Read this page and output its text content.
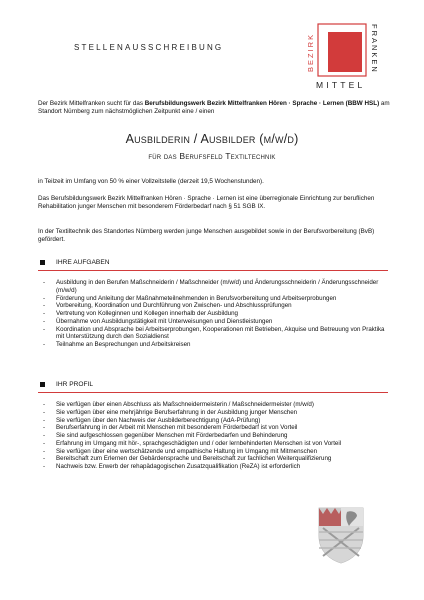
STELLENAUSSCHREIBUNG	BEZIRK	FRANKEN
MITTEL
Der Bezirk Mittelfranken sucht für das Berufsbildungswerk Bezirk Mittelfranken Hören · Sprache · Lernen (BBW HSL) am Standort Nürnberg zum nächstmöglichen Zeitpunkt eine / einen
Ausbilderin / Ausbilder (m/w/d)
für das Berufsfeld Textiltechnik
in Teilzeit im Umfang von 50 % einer Vollzeitstelle (derzeit 19,5 Wochenstunden).
Das Berufsbildungswerk Bezirk Mittelfranken Hören · Sprache · Lernen ist eine überregionale Einrichtung zur beruflichen Rehabilitation junger Menschen mit besonderem Förderbedarf nach § 51 SGB IX.
In der Textiltechnik des Standortes Nürnberg werden junge Menschen ausgebildet sowie in der Berufsvorbereitung (BvB) gefördert.
IHRE AUFGABEN
- Ausbildung in den Berufen Maßschneiderin / Maßschneider (m/w/d) und Änderungsschneiderin / Änderungsschneider (m/w/d)
- Förderung und Anleitung der Maßnahmeteilnehmenden in Berufsvorbereitung und Arbeitserprobungen
- Vorbereitung, Koordination und Durchführung von Zwischen- und Abschlussprüfungen
- Vertretung von Kolleginnen und Kollegen innerhalb der Ausbildung
- Übernahme von Ausbildungstätigkeit mit Unterweisungen und Dienstleistungen
- Koordination und Absprache bei Arbeitserprobungen, Kooperationen mit Betrieben, Akquise und Betreuung von Praktika mit Unterstützung durch den Sozialdienst
- Teilnahme an Besprechungen und Arbeitskreisen
IHR PROFIL
- Sie verfügen über einen Abschluss als Maßschneidermeisterin / Maßschneidermeister (m/w/d)
- Sie verfügen über eine mehrjährige Berufserfahrung in der Ausbildung junger Menschen
- Sie verfügen über den Nachweis der Ausbilderberechtigung (AdA-Prüfung)
- Berufserfahrung in der Arbeit mit Menschen mit besonderem Förderbedarf ist von Vorteil
- Sie sind aufgeschlossen gegenüber Menschen mit Förderbedarfen und Behinderung
- Erfahrung im Umgang mit hör-, sprachgeschädigten und / oder lernbehinderten Menschen ist von Vorteil
- Sie verfügen über eine wertschätzende und empathische Haltung im Umgang mit Mitmenschen
- Bereitschaft zum Erlernen der Gebärdensprache und Bereitschaft zur fachlichen Weiterqualifizierung
- Nachweis bzw. Erwerb der rehapädagogischen Zusatzqualifikation (ReZA) ist erforderlich
